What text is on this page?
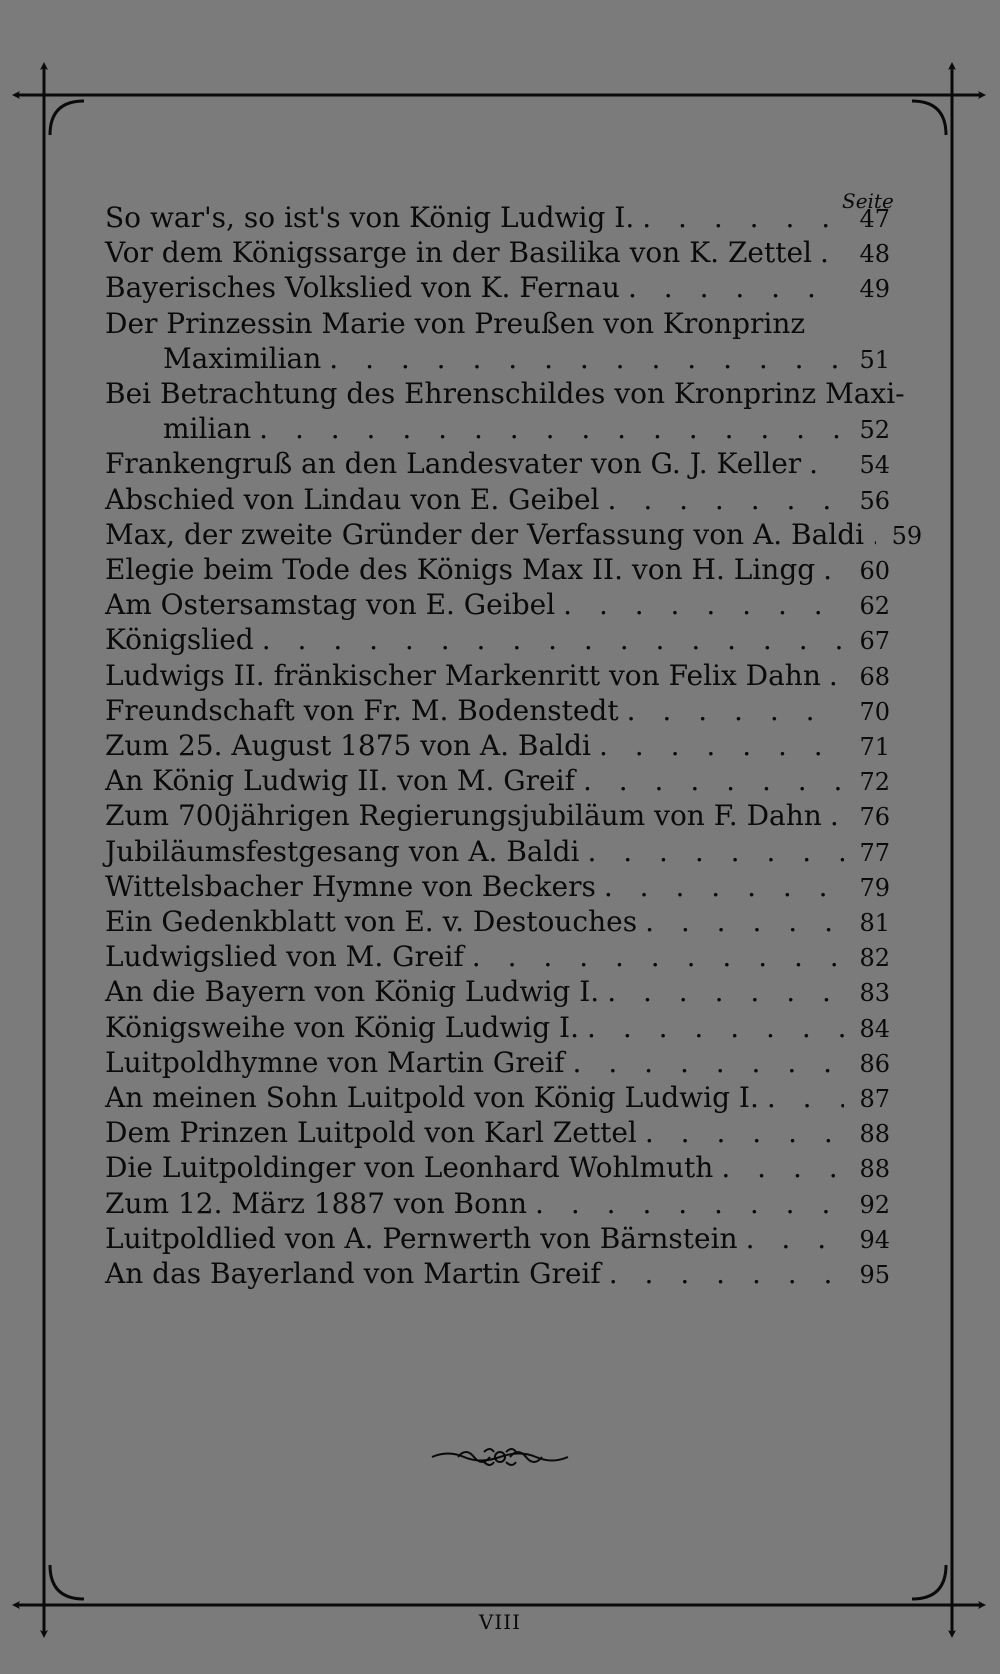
Seite
So war's, so ist's von König Ludwig I. . . .	47
Vor dem Königssarge in der Basilika von K. Zettel . . .	48
Bayerisches Volkslied von K. Fernau . . .	49
Der Prinzessin Marie von Preußen von Kronprinz
Maximilian . . .	51
Bei Betrachtung des Ehrenschildes von Kronprinz Maxi-
milian . . .	52
Frankengruß an den Landesvater von G. J. Keller . . .	54
Abschied von Lindau von E. Geibel . . .	56
Max, der zweite Gründer der Verfassung von A. Baldi . . .	59
Elegie beim Tode des Königs Max II. von H. Lingg . . .	60
Am Ostersamstag von E. Geibel . . .	62
Königslied . . .	67
Ludwigs II. fränkischer Markenritt von Felix Dahn . . .	68
Freundschaft von Fr. M. Bodenstedt . . .	70
Zum 25. August 1875 von A. Baldi . . .	71
An König Ludwig II. von M. Greif . . .	72
Zum 700jährigen Regierungsjubiläum von F. Dahn . . .	76
Jubiläumsfestgesang von A. Baldi . . .	77
Wittelsbacher Hymne von Beckers . . .	79
Ein Gedenkblatt von E. v. Destouches . . .	81
Ludwigslied von M. Greif . . .	82
An die Bayern von König Ludwig I. . . .	83
Königsweihe von König Ludwig I. . . .	84
Luitpoldhymne von Martin Greif . . .	86
An meinen Sohn Luitpold von König Ludwig I. . . .	87
Dem Prinzen Luitpold von Karl Zettel . . .	88
Die Luitpoldinger von Leonhard Wohlmuth . . .	88
Zum 12. März 1887 von Bonn . . .	92
Luitpoldlied von A. Pernwerth von Bärnstein . . .	94
An das Bayerland von Martin Greif . . .	95
VIII
